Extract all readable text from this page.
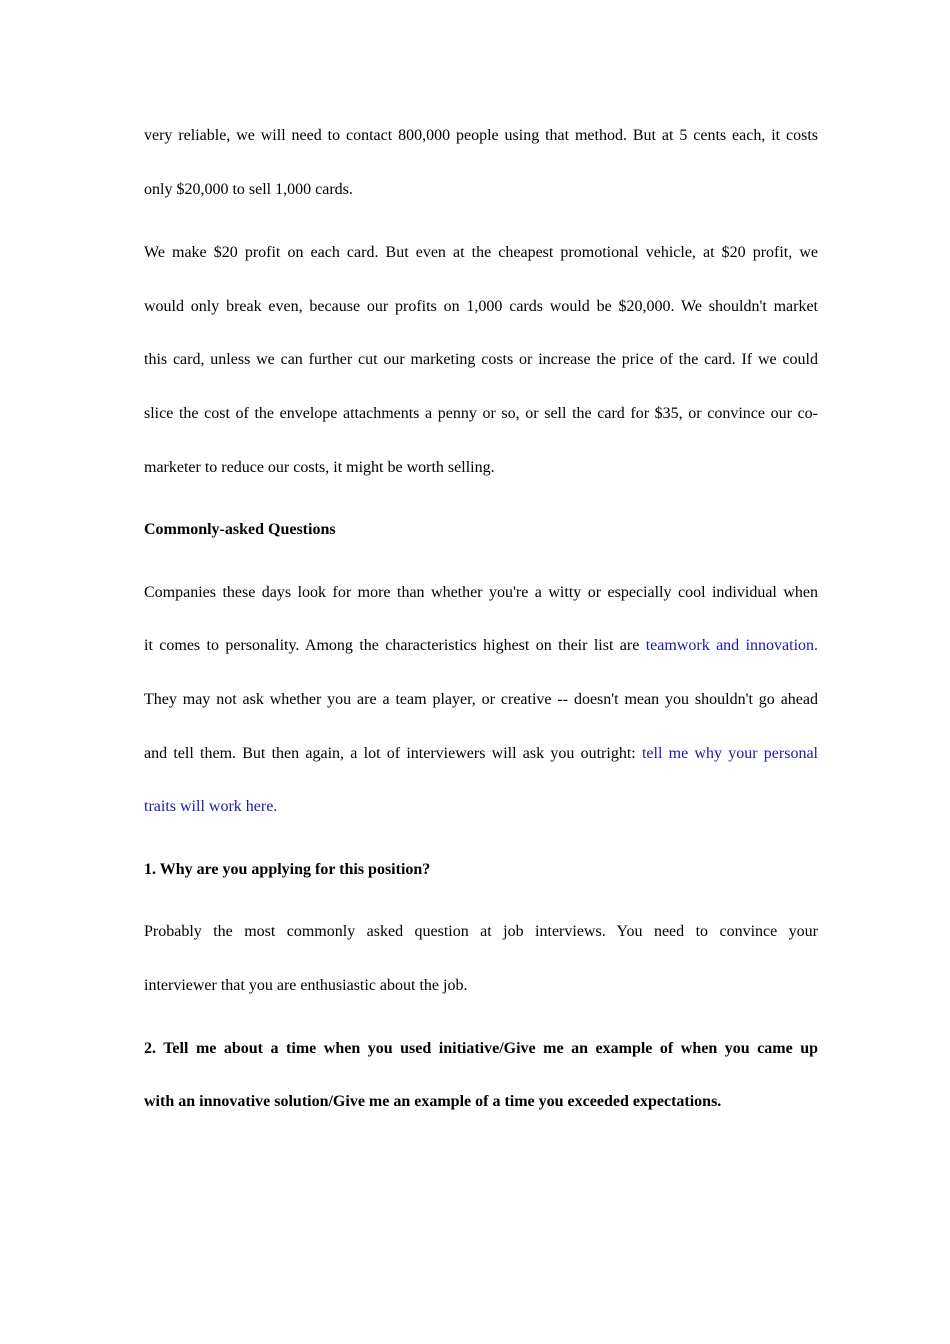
very reliable, we will need to contact 800,000 people using that method. But at 5 cents each, it costs
only $20,000 to sell 1,000 cards.
We make $20 profit on each card. But even at the cheapest promotional vehicle, at $20 profit, we
would only break even, because our profits on 1,000 cards would be $20,000. We shouldn't market
this card, unless we can further cut our marketing costs or increase the price of the card. If we could
slice the cost of the envelope attachments a penny or so, or sell the card for $35, or convince our co-
marketer to reduce our costs, it might be worth selling.
Commonly-asked Questions
Companies these days look for more than whether you're a witty or especially cool individual when
it comes to personality. Among the characteristics highest on their list are teamwork and innovation.
They may not ask whether you are a team player, or creative -- doesn't mean you shouldn't go ahead
and tell them. But then again, a lot of interviewers will ask you outright: tell me why your personal
traits will work here.
1. Why are you applying for this position?
Probably the most commonly asked question at job interviews. You need to convince your
interviewer that you are enthusiastic about the job.
2. Tell me about a time when you used initiative/Give me an example of when you came up
with an innovative solution/Give me an example of a time you exceeded expectations.
